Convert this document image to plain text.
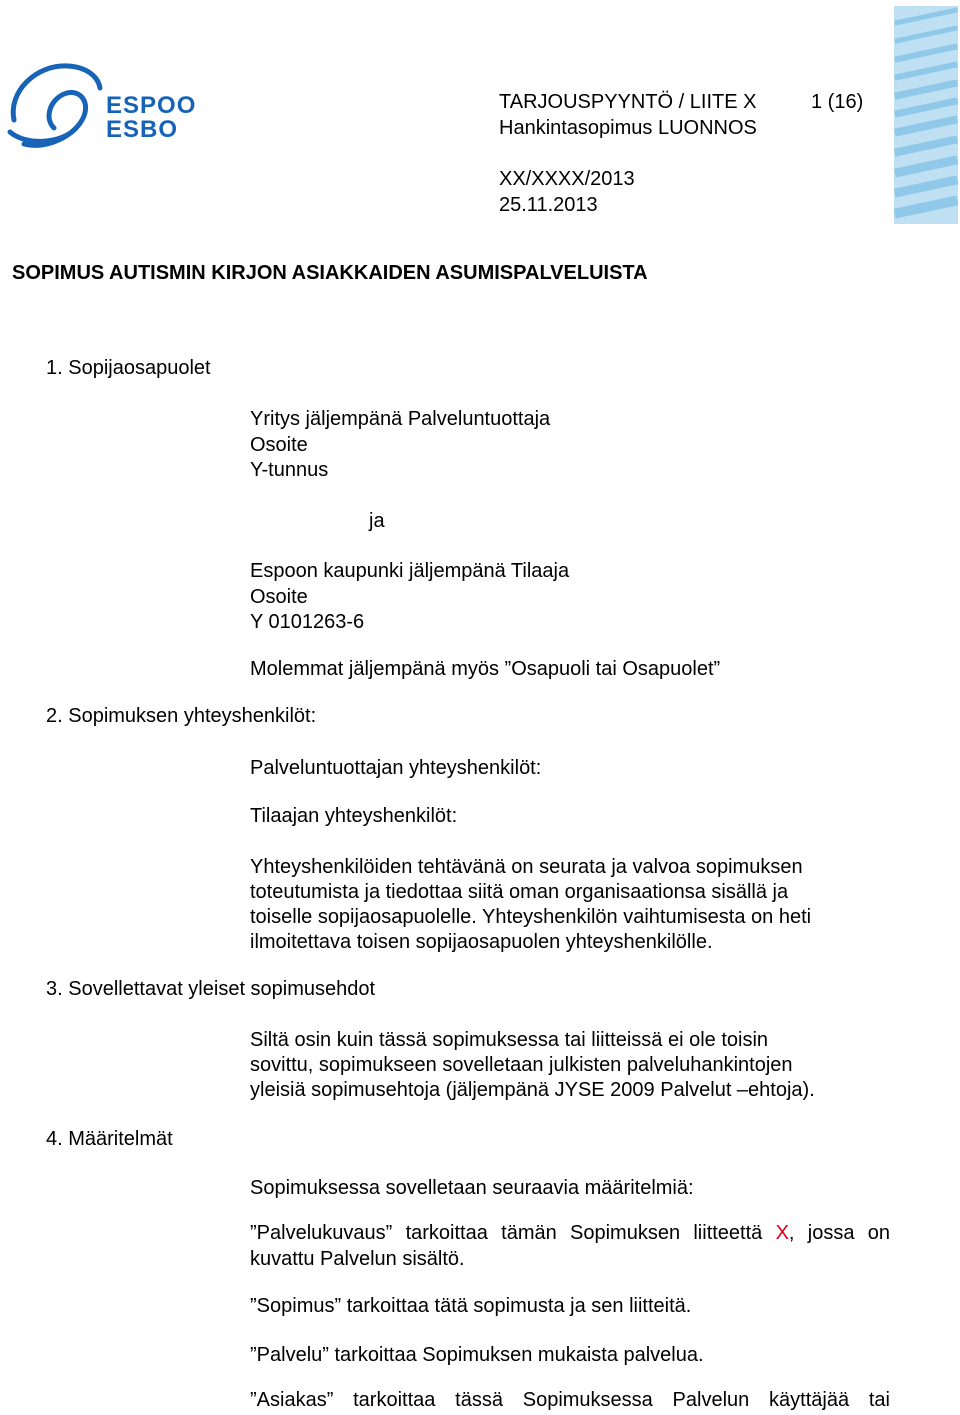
ESPOO
ESBO
TARJOUSPYYNTÖ / LIITE X	1 (16)
Hankintasopimus LUONNOS
XX/XXXX/2013
25.11.2013
SOPIMUS AUTISMIN KIRJON ASIAKKAIDEN ASUMISPALVELUISTA
1. Sopijaosapuolet
Yritys jäljempänä Palveluntuottaja
Osoite
Y-tunnus
ja
Espoon kaupunki jäljempänä Tilaaja
Osoite
Y 0101263-6
Molemmat jäljempänä myös ”Osapuoli tai Osapuolet”
2. Sopimuksen yhteyshenkilöt:
Palveluntuottajan yhteyshenkilöt:
Tilaajan yhteyshenkilöt:
Yhteyshenkilöiden tehtävänä on seurata ja valvoa sopimuksen
toteutumista ja tiedottaa siitä oman organisaationsa sisällä ja
toiselle sopijaosapuolelle. Yhteyshenkilön vaihtumisesta on heti
ilmoitettava toisen sopijaosapuolen yhteyshenkilölle.
3. Sovellettavat yleiset sopimusehdot
Siltä osin kuin tässä sopimuksessa tai liitteissä ei ole toisin
sovittu, sopimukseen sovelletaan julkisten palveluhankintojen
yleisiä sopimusehtoja (jäljempänä JYSE 2009 Palvelut –ehtoja).
4. Määritelmät
Sopimuksessa sovelletaan seuraavia määritelmiä:
”Palvelukuvaus” tarkoittaa tämän Sopimuksen liitteettä X, jossa on kuvattu Palvelun sisältö.
”Sopimus” tarkoittaa tätä sopimusta ja sen liitteitä.
”Palvelu” tarkoittaa Sopimuksen mukaista palvelua.
”Asiakas” tarkoittaa tässä Sopimuksessa Palvelun käyttäjää tai
